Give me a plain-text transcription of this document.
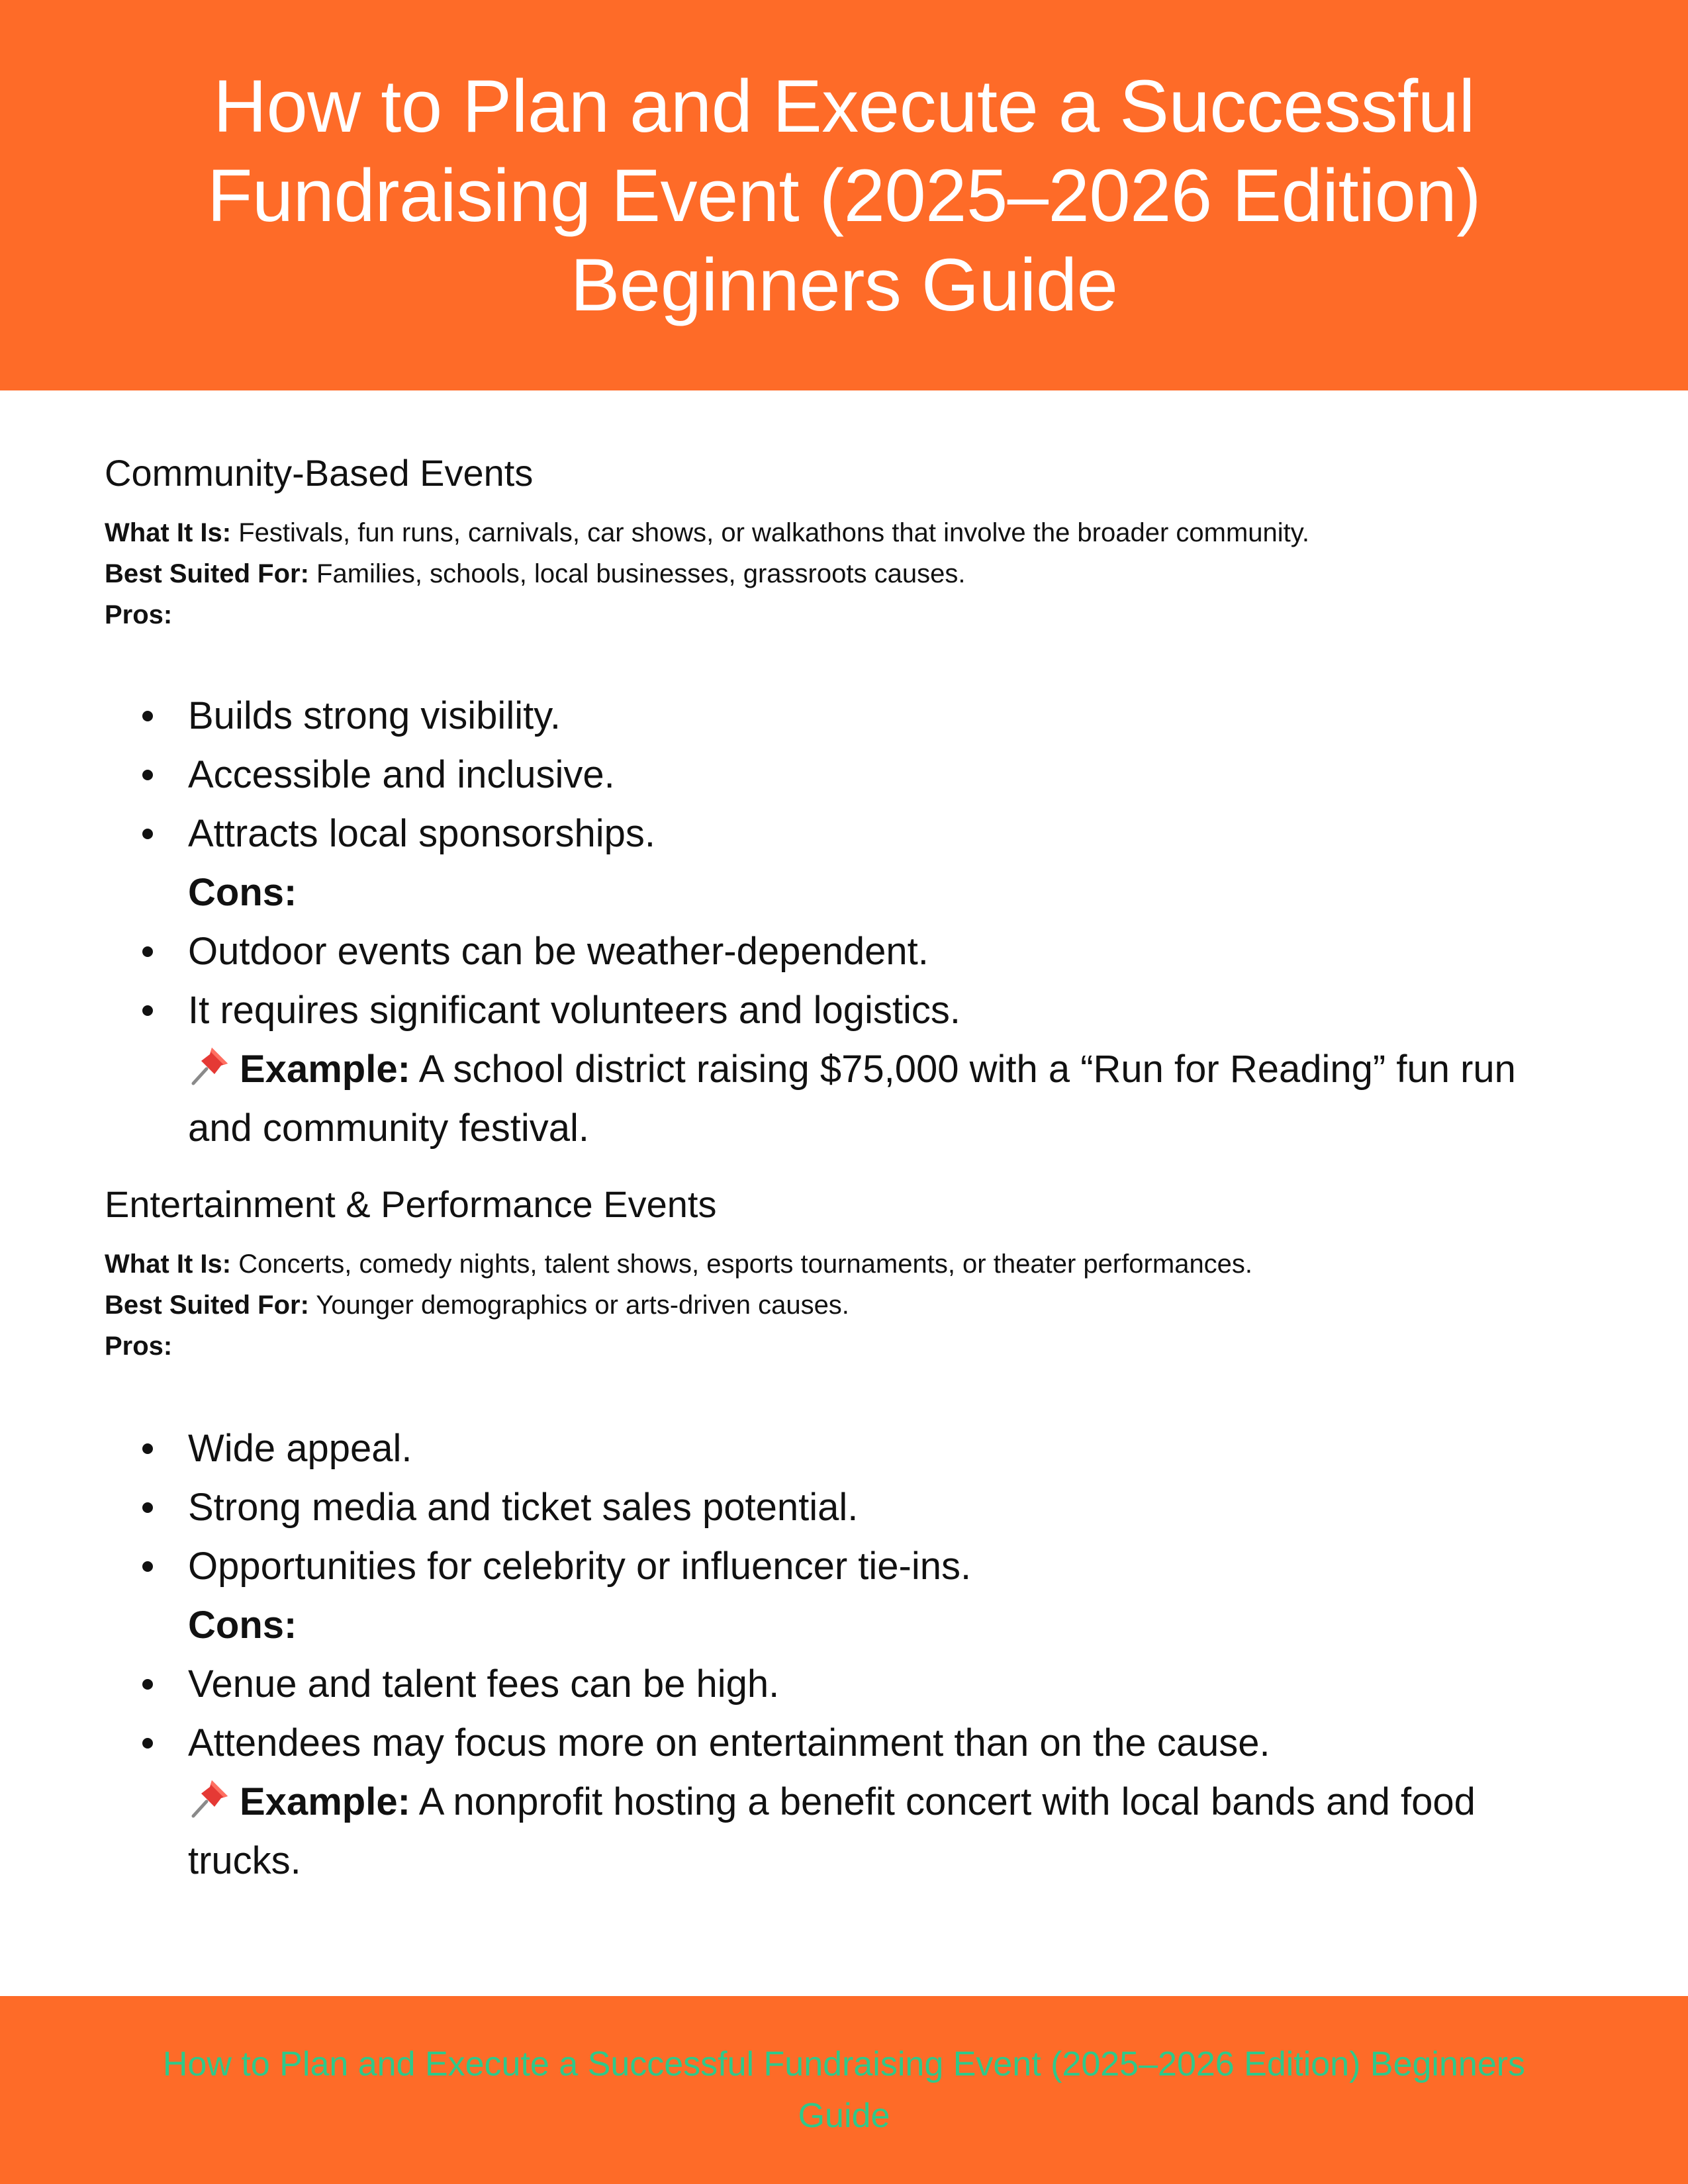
How to Plan and Execute a Successful Fundraising Event (2025–2026 Edition) Beginners Guide
Community-Based Events

What It Is: Festivals, fun runs, carnivals, car shows, or walkathons that involve the broader community.

Best Suited For: Families, schools, local businesses, grassroots causes.

Pros:

Builds strong visibility.
Accessible and inclusive.
Attracts local sponsorships.
Cons:
Outdoor events can be weather-dependent.
It requires significant volunteers and logistics.
Example: A school district raising $75,000 with a “Run for Reading” fun run and community festival.
Entertainment & Performance Events

What It Is: Concerts, comedy nights, talent shows, esports tournaments, or theater performances.

Best Suited For: Younger demographics or arts-driven causes.

Pros:

Wide appeal.
Strong media and ticket sales potential.
Opportunities for celebrity or influencer tie-ins.
Cons:
Venue and talent fees can be high.
Attendees may focus more on entertainment than on the cause.
Example: A nonprofit hosting a benefit concert with local bands and food trucks.
How to Plan and Execute a Successful Fundraising Event (2025–2026 Edition) Beginners Guide
